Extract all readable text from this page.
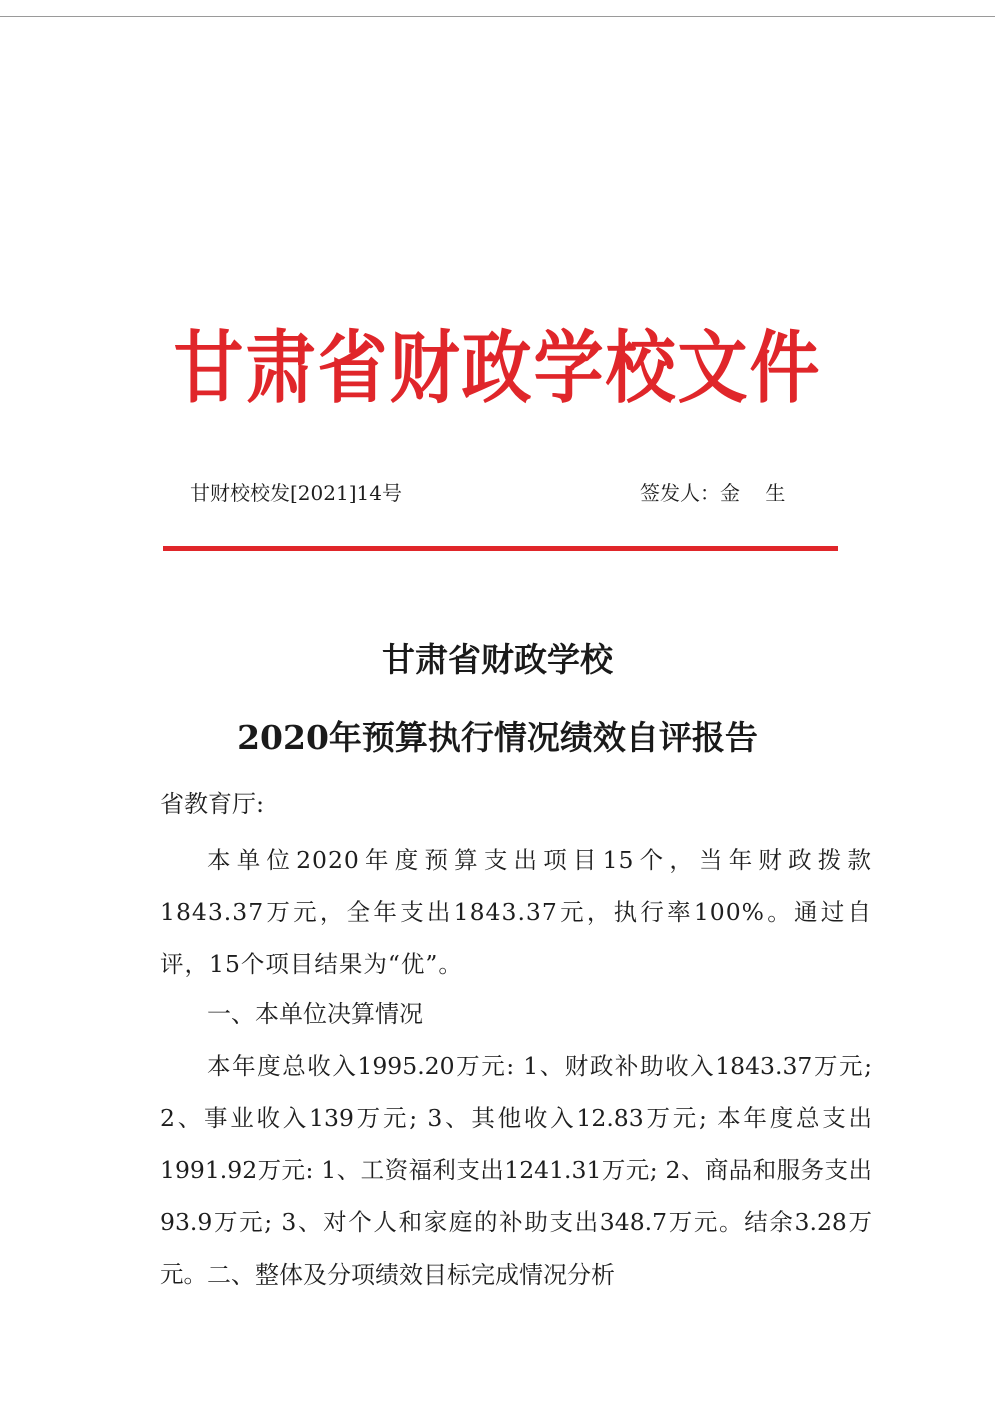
甘肃省财政学校文件
甘财校校发[2021]14号	签发人：金    生
甘肃省财政学校
2020年预算执行情况绩效自评报告
省教育厅:
本单位2020年度预算支出项目15个，当年财政拨款1843.37万元，全年支出1843.37元，执行率100%。通过自评，15个项目结果为“优”。
一、本单位决算情况
本年度总收入1995.20万元: 1、财政补助收入1843.37万元; 2、事业收入139万元; 3、其他收入12.83万元; 本年度总支出1991.92万元: 1、工资福利支出1241.31万元; 2、商品和服务支出93.9万元; 3、对个人和家庭的补助支出348.7万元。结余3.28万元。 二、整体及分项绩效目标完成情况分析
